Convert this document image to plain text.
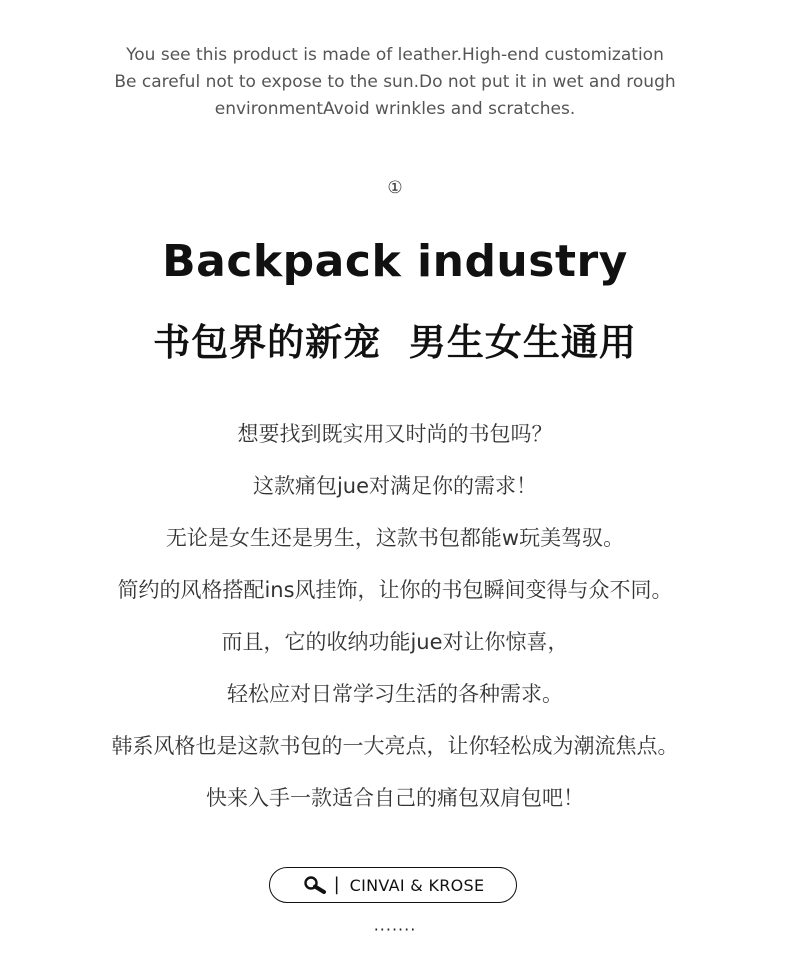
You see this product is made of leather.High-end customization
Be careful not to expose to the sun.Do not put it in wet and rough
environmentAvoid wrinkles and scratches.
①
Backpack industry
书包界的新宠  男生女生通用
想要找到既实用又时尚的书包吗？
这款痛包jue对满足你的需求！
无论是女生还是男生，这款书包都能w玩美驾驭。
简约的风格搭配ins风挂饰，让你的书包瞬间变得与众不同。
而且，它的收纳功能jue对让你惊喜，
轻松应对日常学习生活的各种需求。
韩系风格也是这款书包的一大亮点，让你轻松成为潮流焦点。
快来入手一款适合自己的痛包双肩包吧！
| CINVAI & KROSE
·······
